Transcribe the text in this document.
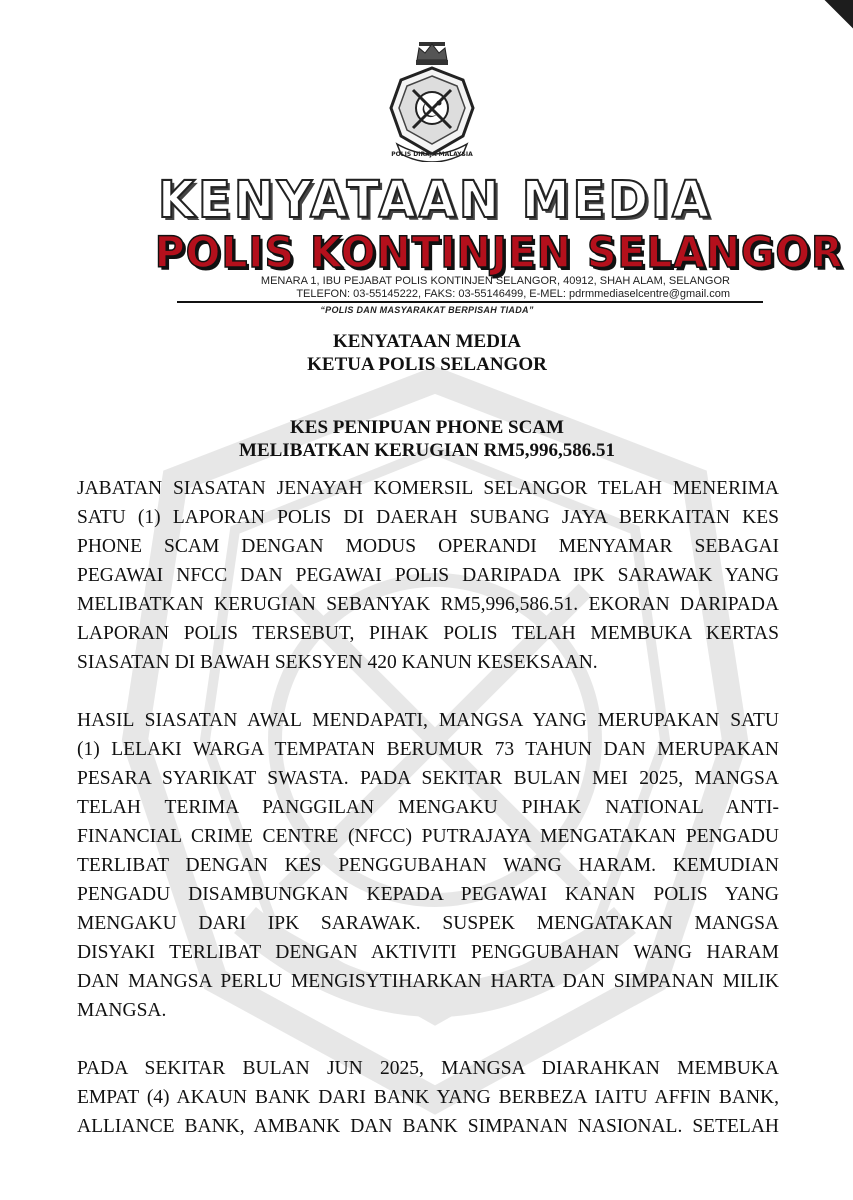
POLIS DIRAJA MALAYSIA
KENYATAAN MEDIA
POLIS KONTINJEN SELANGOR
MENARA 1, IBU PEJABAT POLIS KONTINJEN SELANGOR, 40912, SHAH ALAM, SELANGOR
TELEFON: 03-55145222, FAKS: 03-55146499, E-MEL: pdrmmediaselcentre@gmail.com
“POLIS DAN MASYARAKAT BERPISAH TIADA”
KENYATAAN MEDIA
KETUA POLIS SELANGOR
KES PENIPUAN PHONE SCAM
MELIBATKAN KERUGIAN RM5,996,586.51
JABATAN SIASATAN JENAYAH KOMERSIL SELANGOR TELAH MENERIMA
SATU (1) LAPORAN POLIS DI DAERAH SUBANG JAYA BERKAITAN KES
PHONE SCAM DENGAN MODUS OPERANDI MENYAMAR SEBAGAI
PEGAWAI NFCC DAN PEGAWAI POLIS DARIPADA IPK SARAWAK YANG
MELIBATKAN KERUGIAN SEBANYAK RM5,996,586.51. EKORAN DARIPADA
LAPORAN POLIS TERSEBUT, PIHAK POLIS TELAH MEMBUKA KERTAS
SIASATAN DI BAWAH SEKSYEN 420 KANUN KESEKSAAN.
HASIL SIASATAN AWAL MENDAPATI, MANGSA YANG MERUPAKAN SATU
(1) LELAKI WARGA TEMPATAN BERUMUR 73 TAHUN DAN MERUPAKAN
PESARA SYARIKAT SWASTA. PADA SEKITAR BULAN MEI 2025, MANGSA
TELAH TERIMA PANGGILAN MENGAKU PIHAK NATIONAL ANTI-
FINANCIAL CRIME CENTRE (NFCC) PUTRAJAYA MENGATAKAN PENGADU
TERLIBAT DENGAN KES PENGGUBAHAN WANG HARAM. KEMUDIAN
PENGADU DISAMBUNGKAN KEPADA PEGAWAI KANAN POLIS YANG
MENGAKU DARI IPK SARAWAK. SUSPEK MENGATAKAN MANGSA
DISYAKI TERLIBAT DENGAN AKTIVITI PENGGUBAHAN WANG HARAM
DAN MANGSA PERLU MENGISYTIHARKAN HARTA DAN SIMPANAN MILIK
MANGSA.
PADA SEKITAR BULAN JUN 2025, MANGSA DIARAHKAN MEMBUKA
EMPAT (4) AKAUN BANK DARI BANK YANG BERBEZA IAITU AFFIN BANK,
ALLIANCE BANK, AMBANK DAN BANK SIMPANAN NASIONAL. SETELAH
